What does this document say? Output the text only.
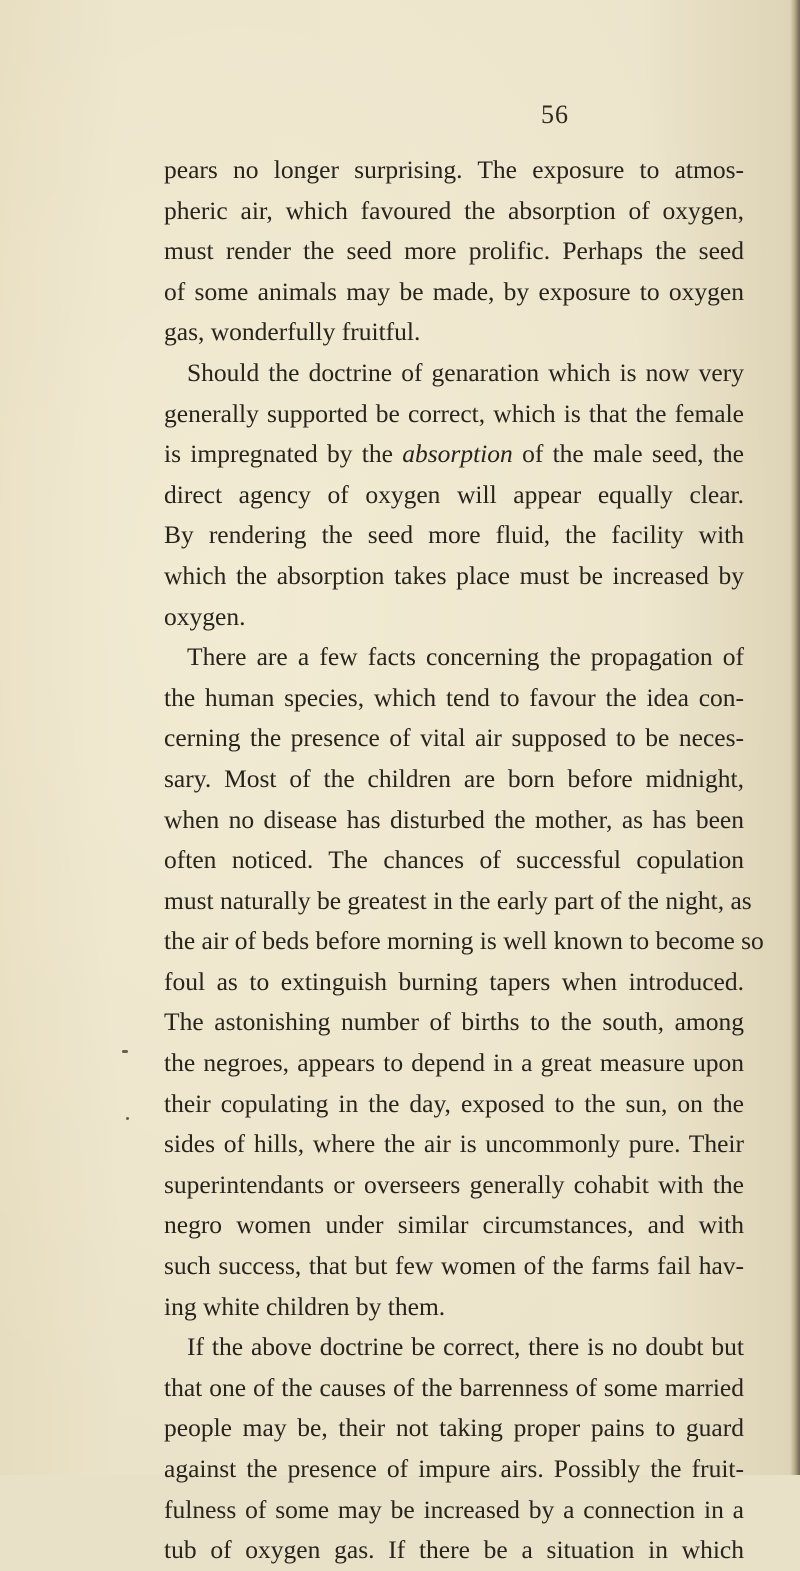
56
pears no longer surprising. The exposure to atmos-
pheric air, which favoured the absorption of oxygen,
must render the seed more prolific. Perhaps the seed
of some animals may be made, by exposure to oxygen
gas, wonderfully fruitful.
Should the doctrine of genaration which is now very
generally supported be correct, which is that the female
is impregnated by the absorption of the male seed, the
direct agency of oxygen will appear equally clear.
By rendering the seed more fluid, the facility with
which the absorption takes place must be increased by
oxygen.
There are a few facts concerning the propagation of
the human species, which tend to favour the idea con-
cerning the presence of vital air supposed to be neces-
sary. Most of the children are born before midnight,
when no disease has disturbed the mother, as has been
often noticed. The chances of successful copulation
must naturally be greatest in the early part of the night, as
the air of beds before morning is well known to become so
foul as to extinguish burning tapers when introduced.
The astonishing number of births to the south, among
the negroes, appears to depend in a great measure upon
their copulating in the day, exposed to the sun, on the
sides of hills, where the air is uncommonly pure. Their
superintendants or overseers generally cohabit with the
negro women under similar circumstances, and with
such success, that but few women of the farms fail hav-
ing white children by them.
If the above doctrine be correct, there is no doubt but
that one of the causes of the barrenness of some married
people may be, their not taking proper pains to guard
against the presence of impure airs. Possibly the fruit-
fulness of some may be increased by a connection in a
tub of oxygen gas. If there be a situation in which
